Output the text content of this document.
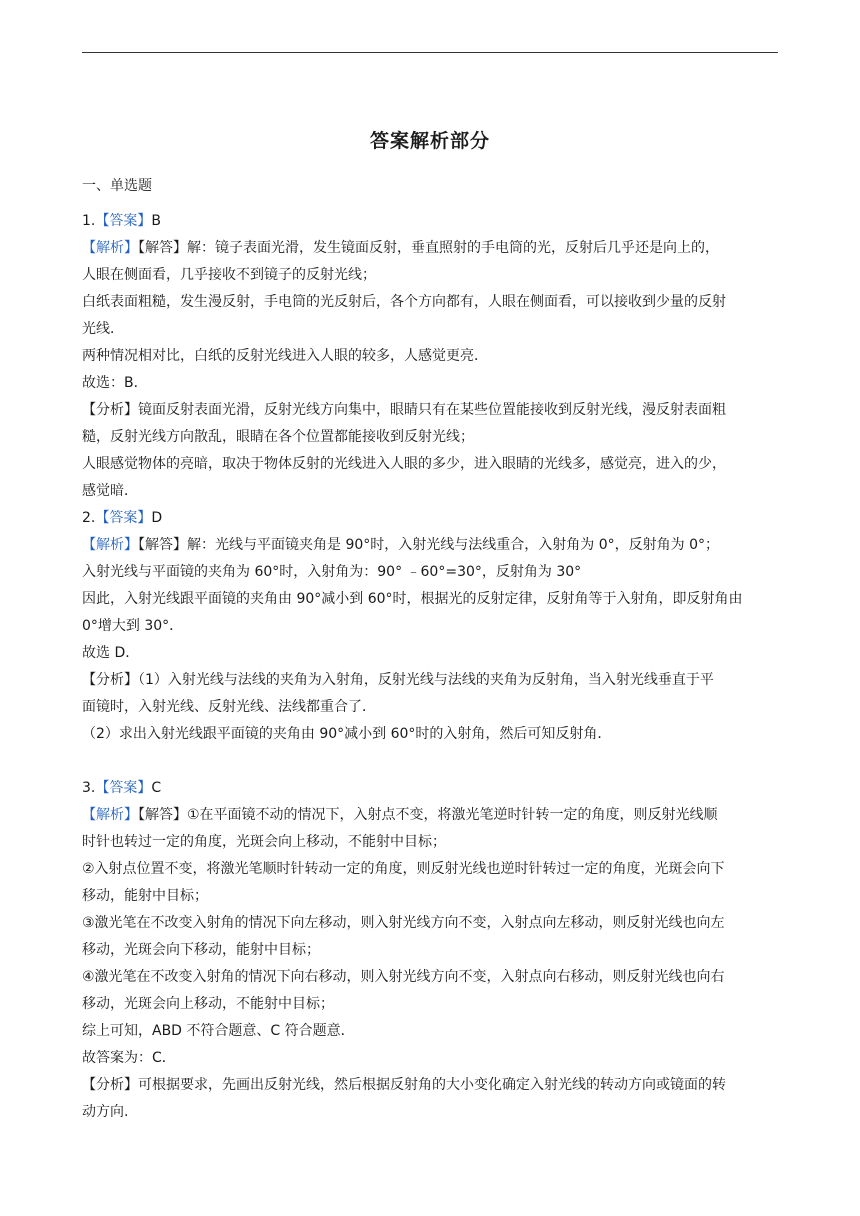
答案解析部分
一、单选题
1.【答案】B
【解析】【解答】解：镜子表面光滑，发生镜面反射，垂直照射的手电筒的光，反射后几乎还是向上的，
人眼在侧面看，几乎接收不到镜子的反射光线；
白纸表面粗糙，发生漫反射，手电筒的光反射后，各个方向都有，人眼在侧面看，可以接收到少量的反射
光线．
两种情况相对比，白纸的反射光线进入人眼的较多，人感觉更亮．
故选：B．
【分析】镜面反射表面光滑，反射光线方向集中，眼睛只有在某些位置能接收到反射光线，漫反射表面粗
糙，反射光线方向散乱，眼睛在各个位置都能接收到反射光线；
人眼感觉物体的亮暗，取决于物体反射的光线进入人眼的多少，进入眼睛的光线多，感觉亮，进入的少，
感觉暗．
2.【答案】D
【解析】【解答】解：光线与平面镜夹角是 90°时，入射光线与法线重合，入射角为 0°，反射角为 0°；
入射光线与平面镜的夹角为 60°时，入射角为：90° ﹣60°=30°，反射角为 30°
因此，入射光线跟平面镜的夹角由 90°减小到 60°时，根据光的反射定律，反射角等于入射角，即反射角由
0°增大到 30°．
故选 D．
【分析】（1）入射光线与法线的夹角为入射角，反射光线与法线的夹角为反射角，当入射光线垂直于平
面镜时，入射光线、反射光线、法线都重合了．
（2）求出入射光线跟平面镜的夹角由 90°减小到 60°时的入射角，然后可知反射角．
3.【答案】C
【解析】【解答】①在平面镜不动的情况下，入射点不变，将激光笔逆时针转一定的角度，则反射光线顺
时针也转过一定的角度，光斑会向上移动，不能射中目标；
②入射点位置不变，将激光笔顺时针转动一定的角度，则反射光线也逆时针转过一定的角度，光斑会向下
移动，能射中目标；
③激光笔在不改变入射角的情况下向左移动，则入射光线方向不变，入射点向左移动，则反射光线也向左
移动，光斑会向下移动，能射中目标；
④激光笔在不改变入射角的情况下向右移动，则入射光线方向不变，入射点向右移动，则反射光线也向右
移动，光斑会向上移动，不能射中目标；
综上可知，ABD 不符合题意、C 符合题意．
故答案为：C．
【分析】可根据要求，先画出反射光线，然后根据反射角的大小变化确定入射光线的转动方向或镜面的转
动方向.
